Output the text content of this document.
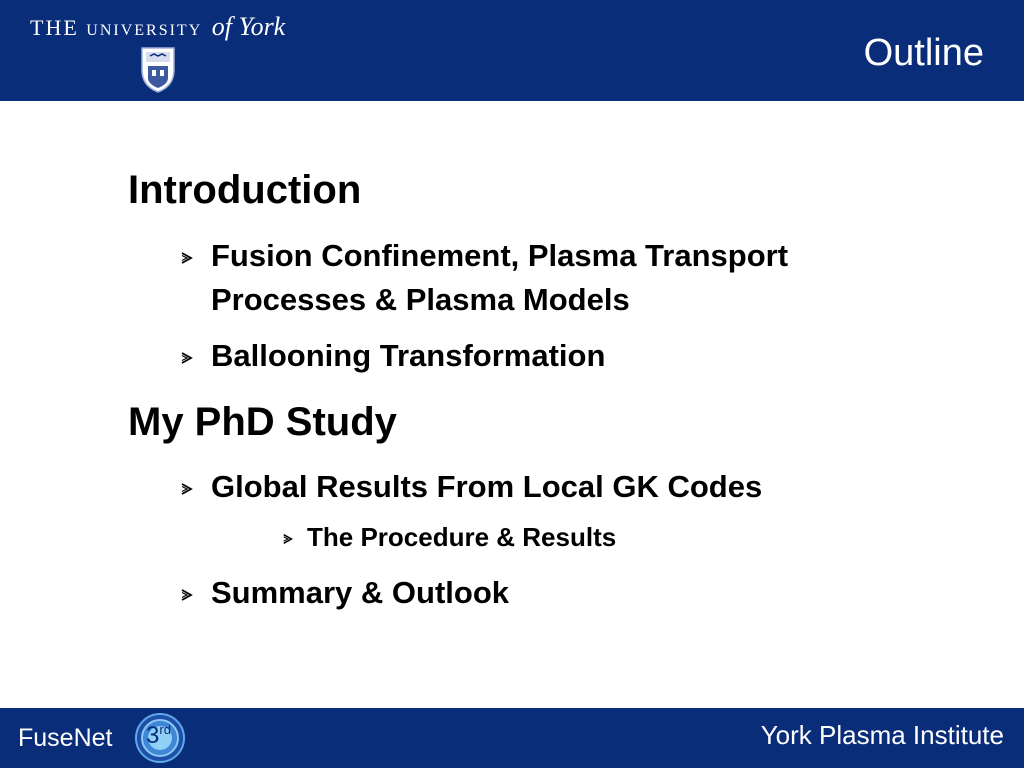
THE UNIVERSITY of York
Outline
Introduction
Fusion Confinement, Plasma Transport Processes & Plasma Models
Ballooning Transformation
My PhD Study
Global Results From Local GK Codes
The Procedure & Results
Summary & Outlook
FuseNet 3rd	York Plasma Institute
